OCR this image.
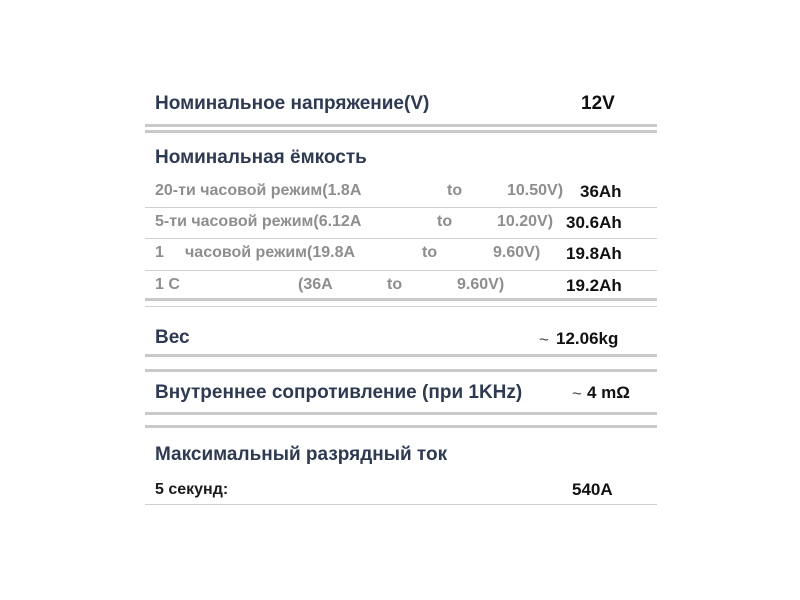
Номинальное напряжение(V)	12V
Номинальная ёмкость
20-ти часовой режим(1.8A	to	10.50V) 36Ah
5-ти часовой режим(6.12A	to	10.20V) 30.6Ah
1 часовой режим(19.8A	to	9.60V) 19.8Ah
1 C	(36A	to	9.60V)	19.2Ah
Вес	~ 12.06kg
Внутреннее сопротивление (при 1KHz)	~ 4 mΩ
Максимальный разрядный ток
5 секунд:	540A
